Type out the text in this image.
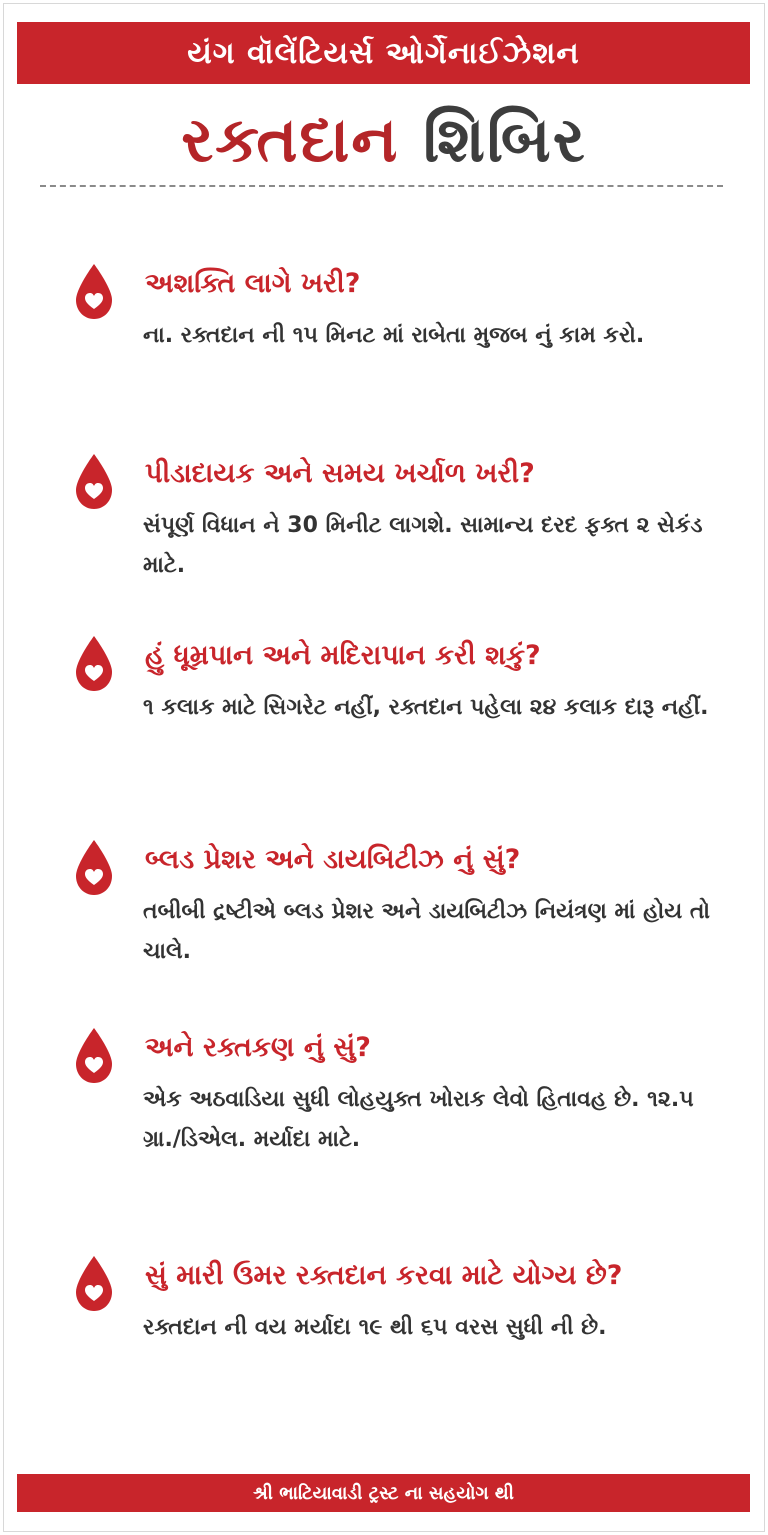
યંગ વૉલેંટિયર્સ ઓર્ગેનાઈઝેશન
રક્તદાન શિબિર
અશક્તિ લાગે ખરી?
ના. રક્તદાન ની ૧૫ મિનટ માં રાબેતા મુજબ નું કામ કરો.
પીડાદાયક અને સમય ખર્ચાળ ખરી?
સંપૂર્ણ વિધાન ને 30 મિનીટ લાગશે. સામાન્ય દરદ ફક્ત ૨ સેકંડ માટે.
હું ધૂમ્રપાન અને મદિરાપાન કરી શકું?
૧ કલાક માટે સિગરેટ નહીં, રક્તદાન પહેલા ૨૪ કલાક દારૂ નહીં.
બ્લડ પ્રેશર અને ડાયબિટીઝ નું સું?
તબીબી દ્રષ્ટીએ બ્લડ પ્રેશર અને ડાયબિટીઝ નિયંત્રણ માં હોય તો ચાલે.
અને રક્તકણ નું સું?
એક અઠવાડિયા સુધી લોહયુક્ત ખોરાક લેવો હિતાવહ છે. ૧૨.૫ ગ્રા./ડિએલ. મર્યાદા માટે.
સું મારી ઉમર રક્તદાન કરવા માટે યોગ્ય છે?
રક્તદાન ની વય મર્યાદા ૧૯ થી ૬૫ વરસ સુધી ની છે.
શ્રી ભાટિયાવાડી ટ્રસ્ટ ના સહયોગ થી
